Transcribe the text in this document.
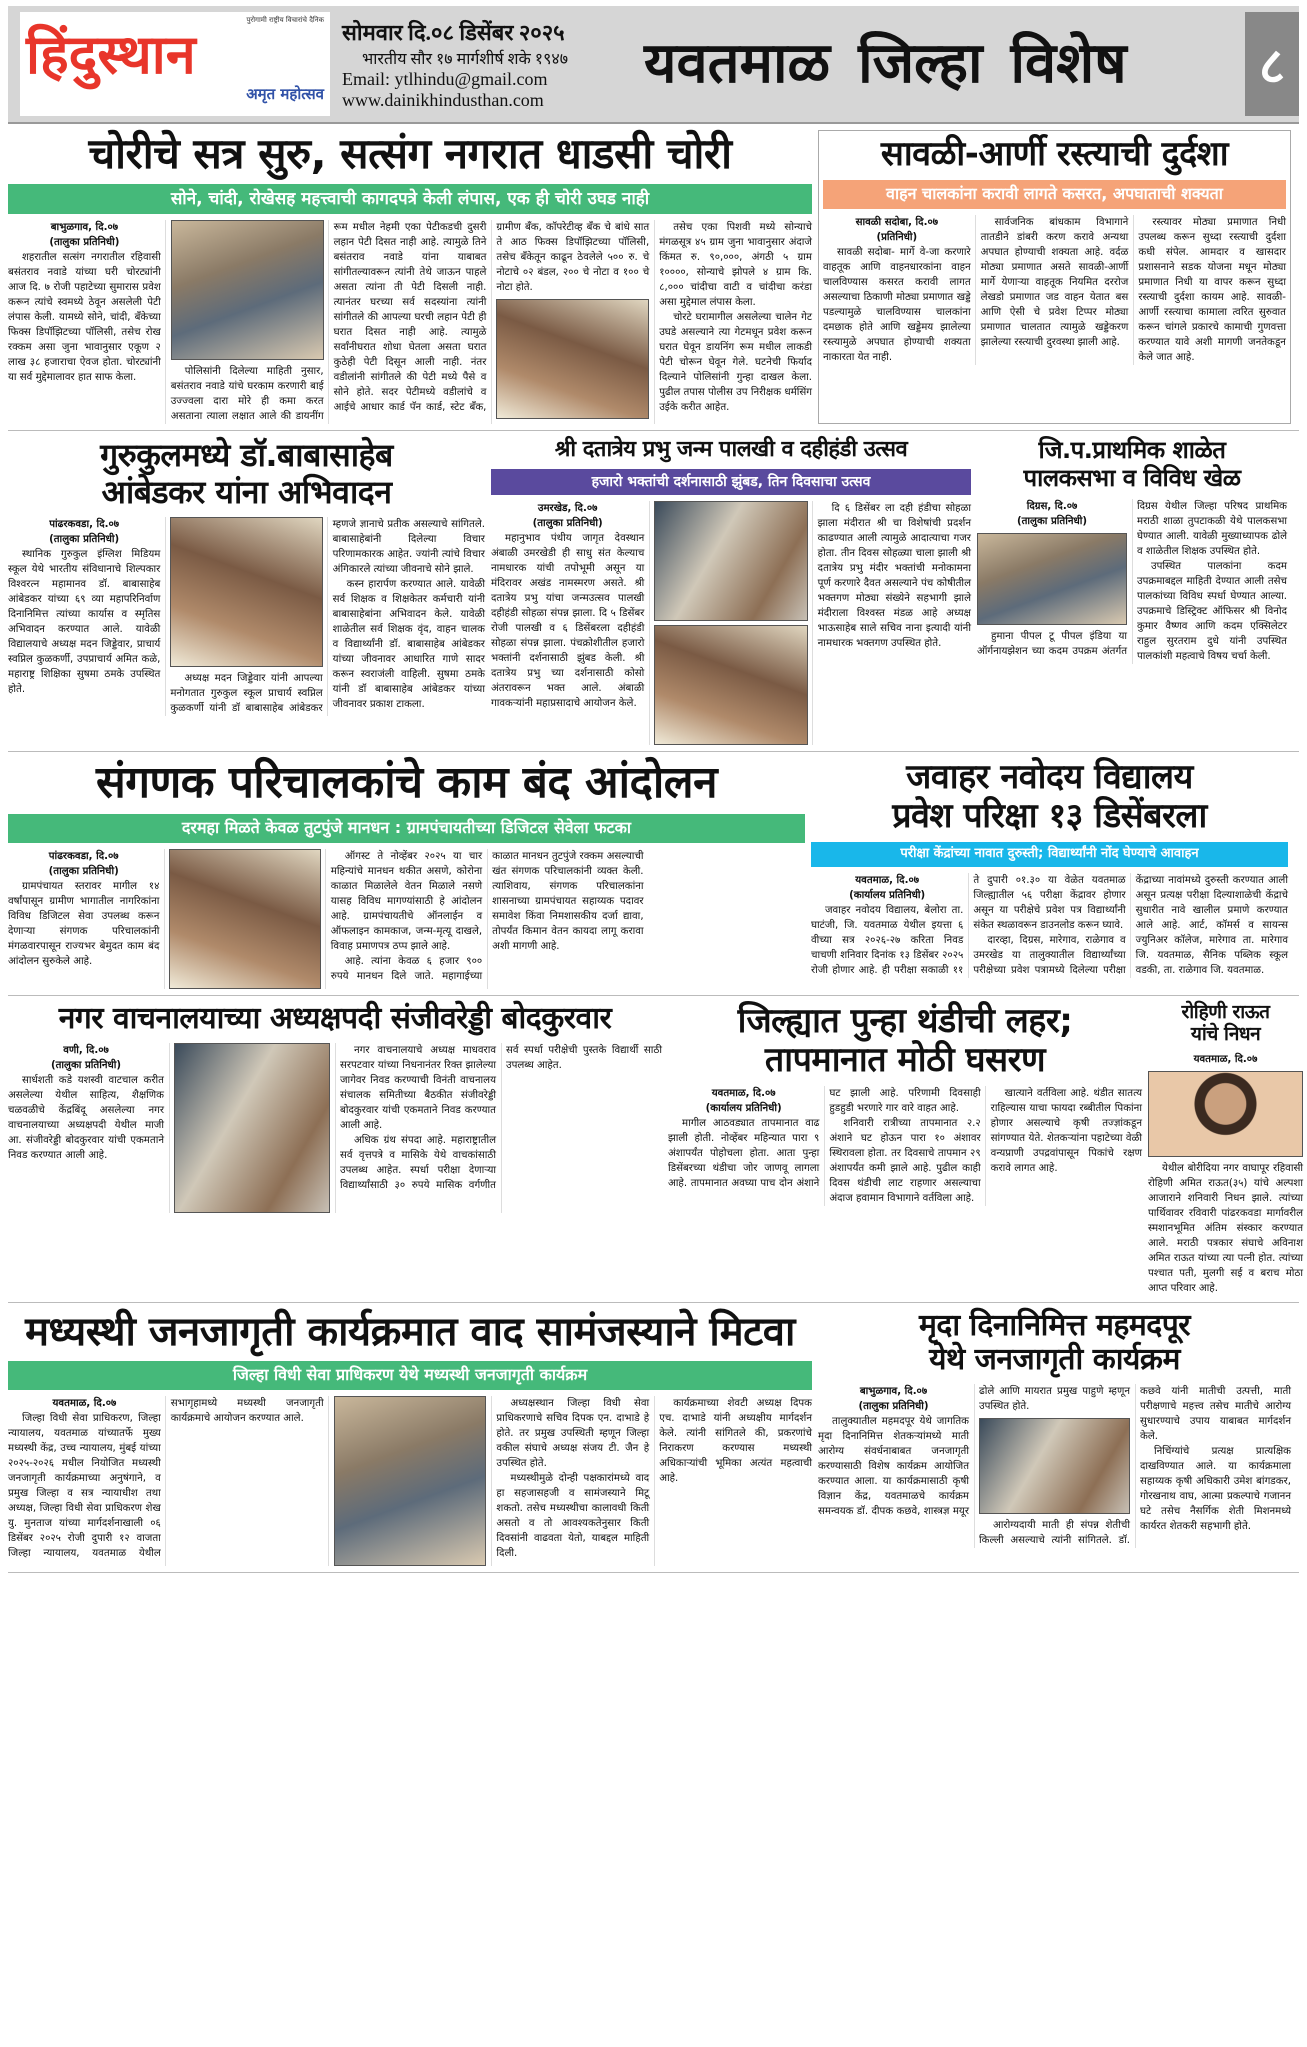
पुरोगामी राष्ट्रीय विचारांचे दैनिक
हिंदुस्थान
अमृत महोत्सव
सोमवार दि.०८ डिसेंबर २०२५
भारतीय सौर १७ मार्गशीर्ष शके १९४७
Email: ytlhindu@gmail.com
www.dainikhindusthan.com
यवतमाळ जिल्हा विशेष	८
चोरीचे सत्र सुरु, सत्संग नगरात धाडसी चोरी
सोने, चांदी, रोखेसह महत्त्वाची कागदपत्रे केली लंपास, एक ही चोरी उघड नाही

बाभुळगाव, दि.०७

(तालुका प्रतिनिधी)

शहरातील सत्संग नगरातील रहिवासी बसंतराव नवाडे यांच्या घरी चोरट्यांनी आज दि. ७ रोजी पहाटेच्या सुमारास प्रवेश करून त्यांचे स्वमध्ये ठेवून असलेली पेटी लंपास केली. यामध्ये सोने, चांदी, बँकेच्या फिक्स डिपॉझिटच्या पॉलिसी, तसेच रोख रक्कम असा जुना भावानुसार एकूण २ लाख ३८ हजाराचा ऐवज होता. चोरट्यांनी या सर्व मुद्देमालावर हात साफ केला.

पोलिसांनी दिलेल्या माहिती नुसार, बसंतराव नवाडे यांचे घरकाम करणारी बाई उज्ज्वला दारा मोरे ही कमा करत असताना त्याला लक्षात आले की डायनींग रूम मधील नेहमी एका पेटीकडची दुसरी लहान पेटी दिसत नाही आहे. त्यामुळे तिने बसंतराव नवाडे यांना याबाबत सांगीतल्यावरून त्यांनी तेथे जाऊन पाहले असता त्यांना ती पेटी दिसली नाही. त्यानंतर घरच्या सर्व सदस्यांना त्यांनी सांगीतले की आपल्या घरची लहान पेटी ही घरात दिसत नाही आहे. त्यामुळे सर्वांनीघरात शोधा घेतला असता घरात कुठेही पेटी दिसून आली नाही. नंतर वडीलांनी सांगीतले की पेटी मध्ये पैसे व सोने होते. सदर पेटीमध्ये वडीलांचे व आईचे आधार कार्ड पॅन कार्ड, स्टेट बँक, ग्रामीण बँक, कॉपरेटीव्ह बँक चे बांधे सात ते आठ फिक्स डिपॉझिटच्या पॉलिसी, तसेच बँकेतून काढून ठेवलेले ५०० रु. चे नोटाचे ०२ बंडल, २०० चे नोटा व १०० चे नोटा होते.

तसेच एका पिशवी मध्ये सोन्याचे मंगळसूत्र ४५ ग्राम जुना भावानुसार अंदाजे किंमत रु. ९०,०००, अंगठी ५ ग्राम १००००, सोन्याचे झोपले ४ ग्राम कि. ८,००० चांदीचा वाटी व चांदीचा करंडा असा मुद्देमाल लंपास केला.

चोरटे घरामागील असलेल्या चालेन गेट उघडे असल्याने त्या गेटमधून प्रवेश करून घरात घेवून डायनिंग रूम मधील लाकडी पेटी चोरून घेवून गेले. घटनेची फिर्याद दिल्याने पोलिसांनी गुन्हा दाखल केला. पुढील तपास पोलीस उप निरीक्षक धर्मसिंग उईके करीत आहेत.

सावळी-आर्णी रस्त्याची दुर्दशा
वाहन चालकांना करावी लागते कसरत, अपघाताची शक्यता

सावळी सदोबा, दि.०७

(प्रतिनिधी)

सावळी सदोबा- मार्गे वे-जा करणारे वाहतूक आणि वाहनधारकांना वाहन चालविण्यास कसरत करावी लागत असल्याचा ठिकाणी मोठ्या प्रमाणात खड्डे पडल्यामुळे चालविण्यास चालकांना दमछाक होते आणि खड्डेमय झालेल्या रस्त्यामुळे अपघात होण्याची शक्यता नाकारता येत नाही.

सार्वजनिक बांधकाम विभागाने तातडीने डांबरी करण करावे अन्यथा अपघात होण्याची शक्यता आहे. वर्दळ मोठ्या प्रमाणात असते सावळी-आर्णी मार्गे येणाऱ्या वाहतूक नियमित दररोज लेखडो प्रमाणात जड वाहन येतात बस आणि ऐसी चे प्रवेश टिप्पर मोठ्या प्रमाणात चालतात त्यामुळे खड्डेकरण झालेल्या रस्त्याची दुरवस्था झाली आहे.

रस्त्यावर मोठ्या प्रमाणात निधी उपलब्ध करून सुध्दा रस्त्याची दुर्दशा कधी संपेल. आमदार व खासदार प्रशासनाने सडक योजना मधून मोठ्या प्रमाणात निधी या वापर करून सुध्दा रस्त्याची दुर्दशा कायम आहे. सावळी-आर्णी रस्त्याचा कामाला त्वरित सुरुवात करून चांगले प्रकारचे कामाची गुणवत्ता करण्यात यावे अशी मागणी जनतेकडून केले जात आहे.

गुरुकुलमध्ये डॉ.बाबासाहेब
आंबेडकर यांना अभिवादन

पांढरकवडा, दि.०७

(तालुका प्रतिनिधी)

स्थानिक गुरुकुल इंग्लिश मिडियम स्कूल येथे भारतीय संविधानाचे शिल्पकार विश्वरत्न महामानव डॉ. बाबासाहेब आंबेडकर यांच्या ६९ व्या महापरिनिर्वाण दिनानिमित्त त्यांच्या कार्यास व स्मृतिस अभिवादन करण्यात आले. यावेळी विद्यालयाचे अध्यक्ष मदन जिड्डेवार, प्राचार्य स्वप्निल कुळकर्णी, उपप्राचार्य अमित कळे, महाराष्ट्र शिक्षिका सुषमा ठमके उपस्थित होते.

अध्यक्ष मदन जिड्डेवार यांनी आपल्या मनोगतात गुरुकुल स्कूल प्राचार्य स्वप्निल कुळकर्णी यांनी डॉ बाबासाहेब आंबेडकर म्हणजे ज्ञानाचे प्रतीक असल्याचे सांगितले. बाबासाहेबांनी दिलेल्या विचार परिणामकारक आहेत. ज्यांनी त्यांचे विचार अंगिकारले त्यांच्या जीवनाचे सोने झाले.

कस्न हारार्पण करण्यात आले. यावेळी सर्व शिक्षक व शिक्षकेतर कर्मचारी यांनी बाबासाहेबांना अभिवादन केले. यावेळी शाळेतील सर्व शिक्षक वृंद, वाहन चालक व विद्यार्थ्यांनी डॉ. बाबासाहेब आंबेडकर यांच्या जीवनावर आधारित गाणे सादर करून स्वराजंली वाहिली. सुषमा ठमके यांनी डॉ बाबासाहेब आंबेडकर यांच्या जीवनावर प्रकाश टाकला.

श्री दतात्रेय प्रभु जन्म पालखी व दहीहंडी उत्सव
हजारो भक्तांची दर्शनासाठी झुंबड, तिन दिवसाचा उत्सव

उमरखेड, दि.०७

(तालुका प्रतिनिधी)

महानुभाव पंथीय जागृत देवस्थान अंबाळी उमरखेडी ही साधु संत केल्याच नामधारक यांची तपोभूमी असून या मंदिरावर अखंड नामस्मरण असते. श्री दतात्रेय प्रभु यांचा जन्मउत्सव पालखी दहीहंडी सोहळा संपन्न झाला. दि ५ डिसेंबर रोजी पालखी व ६ डिसेंबरला दहीहंडी सोहळा संपन्न झाला. पंचक्रोशीतील हजारो भक्तांनी दर्शनासाठी झुंबड केली. श्री दतात्रेय प्रभु च्या दर्शनासाठी कोसो अंतरावरून भक्त आले. अंबाळी गावकऱ्यांनी महाप्रसादाचे आयोजन केले.

दि ६ डिसेंबर ला दही हंडीचा सोहळा झाला मंदीरात श्री चा विशेषांची प्रदर्शन काढण्यात आली त्यामुळे आदात्याचा गजर होता. तीन दिवस सोहळ्या चाला झाली श्री दतात्रेय प्रभु मंदीर भक्तांची मनोकामना पूर्ण करणारे दैवत असल्याने पंच कोषीतील भक्तगण मोठ्या संख्येने सहभागी झाले मंदीराला विश्वस्त मंडळ आहे अध्यक्ष भाऊसाहेब साले सचिव नाना इत्यादी यांनी नामधारक भक्तगण उपस्थित होते.

जि.प.प्राथमिक शाळेत
पालकसभा व विविध खेळ

दिग्रस, दि.०७

(तालुका प्रतिनिधी)

हुमाना पीपल टू पीपल इंडिया या ऑर्गनायझेशन च्या कदम उपक्रम अंतर्गत दिग्रस येथील जिल्हा परिषद प्राथमिक मराठी शाळा तुपटाकळी येथे पालकसभा घेण्यात आली. यावेळी मुख्याध्यापक ढोले व शाळेतील शिक्षक उपस्थित होते.

उपस्थित पालकांना कदम उपक्रमाबद्दल माहिती देण्यात आली तसेच पालकांच्या विविध स्पर्धा घेण्यात आल्या. उपक्रमाचे डिस्ट्रिक्ट ऑफिसर श्री विनोद कुमार वैष्णव आणि कदम एक्सिलेटर राहुल सुरतराम दुधे यांनी उपस्थित पालकांशी महत्वाचे विषय चर्चा केली.

संगणक परिचालकांचे काम बंद आंदोलन
दरमहा मिळते केवळ तुटपुंजे मानधन : ग्रामपंचायतीच्या डिजिटल सेवेला फटका

पांढरकवडा, दि.०७

(तालुका प्रतिनिधी)

ग्रामपंचायत स्तरावर मागील १४ वर्षांपासून ग्रामीण भागातील नागरिकांना विविध डिजिटल सेवा उपलब्ध करून देणाऱ्या संगणक परिचालकांनी मंगळवारपासून राज्यभर बेमुदत काम बंद आंदोलन सुरुकेले आहे.

ऑगस्ट ते नोव्हेंबर २०२५ या चार महिन्यांचे मानधन थकीत असणे, कोरोना काळात मिळालेले वेतन मिळाले नसणे यासह विविध मागण्यांसाठी हे आंदोलन आहे. ग्रामपंचायतीचे ऑनलाईन व ऑफलाइन कामकाज, जन्म-मृत्यू दाखले, विवाह प्रमाणपत्र ठप्प झाले आहे.

आहे. त्यांना केवळ ६ हजार ९०० रुपये मानधन दिले जाते. महागाईच्या काळात मानधन तुटपुंजे रक्कम असल्याची खंत संगणक परिचालकांनी व्यक्त केली. त्याशिवाय, संगणक परिचालकांना शासनाच्या ग्रामपंचायत सहाय्यक पदावर समावेश किंवा निमशासकीय दर्जा द्यावा, तोपर्यंत किमान वेतन कायदा लागू करावा अशी मागणी आहे.

जवाहर नवोदय विद्यालय
प्रवेश परिक्षा १३ डिसेंबरला
परीक्षा केंद्रांच्या नावात दुरुस्ती; विद्यार्थ्यांनी नोंद घेण्याचे आवाहन

यवतमाळ, दि.०७

(कार्यालय प्रतिनिधी)

जवाहर नवोदय विद्यालय, बेलोरा ता. घाटंजी, जि. यवतमाळ येथील इयत्ता ६ वीच्या सत्र २०२६-२७ करिता निवड चाचणी शनिवार दिनांक १३ डिसेंबर २०२५ रोजी होणार आहे. ही परीक्षा सकाळी ११ ते दुपारी ०१.३० या वेळेत यवतमाळ जिल्ह्यातील ५६ परीक्षा केंद्रावर होणार असून या परीक्षेचे प्रवेश पत्र विद्यार्थ्यांनी संकेत स्थळावरून डाउनलोड करून घ्यावे.

दारव्हा, दिग्रस, मारेगाव, राळेगाव व उमरखेड या तालुक्यातील विद्यार्थ्यांच्या परीक्षेच्या प्रवेश पत्रामध्ये दिलेल्या परीक्षा केंद्राच्या नावांमध्ये दुरुस्ती करण्यात आली असून प्रत्यक्ष परीक्षा दिल्याशाळेची केंद्राचे सुधारीत नावे खालील प्रमाणे करण्यात आले आहे. आर्ट, कॉमर्स व सायन्स ज्युनिअर कॉलेज, मारेगाव ता. मारेगाव जि. यवतमाळ, सैनिक पब्लिक स्कूल वडकी, ता. राळेगाव जि. यवतमाळ.

नगर वाचनालयाच्या अध्यक्षपदी संजीवरेड्डी बोदकुरवार

वणी, दि.०७

(तालुका प्रतिनिधी)

सार्धशती कडे यशस्वी वाटचाल करीत असलेल्या येथील साहित्य, शैक्षणिक चळवळीचे केंद्रबिंदू असलेल्या नगर वाचनालयाच्या अध्यक्षपदी येथील माजी आ. संजीवरेड्डी बोदकुरवार यांची एकमताने निवड करण्यात आली आहे.

नगर वाचनालयाचे अध्यक्ष माधवराव सरपटवार यांच्या निधनानंतर रिक्त झालेल्या जागेवर निवड करण्याची विनंती वाचनालय संचालक समितीच्या बैठकीत संजीवरेड्डी बोदकुरवार यांची एकमताने निवड करण्यात आली आहे.

अधिक ग्रंथ संपदा आहे. महाराष्ट्रातील सर्व वृत्तपत्रे व मासिके येथे वाचकांसाठी उपलब्ध आहेत. स्पर्धा परीक्षा देणाऱ्या विद्यार्थ्यांसाठी ३० रुपये मासिक वर्गणीत सर्व स्पर्धा परीक्षेची पुस्तके विद्यार्थी साठी उपलब्ध आहेत.

जिल्ह्यात पुन्हा थंडीची लहर;
तापमानात मोठी घसरण

यवतमाळ, दि.०७

(कार्यालय प्रतिनिधी)

मागील आठवड्यात तापमानात वाढ झाली होती. नोव्हेंबर महिन्यात पारा ९ अंशापर्यंत पोहोचला होता. आता पुन्हा डिसेंबरच्या थंडीचा जोर जाणवू लागला आहे. तापमानात अवघ्या पाच दोन अंशाने घट झाली आहे. परिणामी दिवसाही हुडहुडी भरणारे गार वारे वाहत आहे.

शनिवारी रात्रीच्या तापमानात २.२ अंशाने घट होऊन पारा १० अंशावर स्थिरावला होता. तर दिवसाचे तापमान २९ अंशापर्यंत कमी झाले आहे. पुढील काही दिवस थंडीची लाट राहणार असल्याचा अंदाज हवामान विभागाने वर्तविला आहे.

खात्याने वर्तविला आहे. थंडीत सातत्य राहिल्यास याचा फायदा रब्बीतील पिकांना होणार असल्याचे कृषी तज्ज्ञांकडून सांगण्यात येते. शेतकऱ्यांना पहाटेच्या वेळी वन्यप्राणी उपद्रवांपासून पिकांचे रक्षण करावे लागत आहे.

रोहिणी राऊत
यांचे निधन

यवतमाळ, दि.०७

येथील बोरीदिया नगर वाघापूर रहिवासी रोहिणी अमित राऊत(३५) यांचे अल्पशा आजाराने शनिवारी निधन झाले. त्यांच्या पार्थिवावर रविवारी पांढरकवडा मार्गावरील स्मशानभूमित अंतिम संस्कार करण्यात आले. मराठी पत्रकार संघाचे अविनाश अमित राऊत यांच्या त्या पत्नी होत. त्यांच्या पश्चात पती, मुलगी सई व बराच मोठा आप्त परिवार आहे.

मध्यस्थी जनजागृती कार्यक्रमात वाद सामंजस्याने मिटवा
जिल्हा विधी सेवा प्राधिकरण येथे मध्यस्थी जनजागृती कार्यक्रम

यवतमाळ, दि.०७

जिल्हा विधी सेवा प्राधिकरण, जिल्हा न्यायालय, यवतमाळ यांच्यातर्फे मुख्य मध्यस्थी केंद्र, उच्च न्यायालय, मुंबई यांच्या २०२५-२०२६ मधील नियोजित मध्यस्थी जनजागृती कार्यक्रमाच्या अनुषंगाने, व प्रमुख जिल्हा व सत्र न्यायाधीश तथा अध्यक्ष, जिल्हा विधी सेवा प्राधिकरण शेख यु. मुनताज यांच्या मार्गदर्शनाखाली ०६ डिसेंबर २०२५ रोजी दुपारी १२ वाजता जिल्हा न्यायालय, यवतमाळ येथील सभागृहामध्ये मध्यस्थी जनजागृती कार्यक्रमाचे आयोजन करण्यात आले.

अध्यक्षस्थान जिल्हा विधी सेवा प्राधिकरणाचे सचिव दिपक एन. दाभाडे हे होते. तर प्रमुख उपस्थिती म्हणून जिल्हा वकील संघाचे अध्यक्ष संजय टी. जैन हे उपस्थित होते.

मध्यस्थीमुळे दोन्ही पक्षकारांमध्ये वाद हा सहजासहजी व सामंजस्याने मिटू शकतो. तसेच मध्यस्थीचा कालावधी किती असतो व तो आवश्यकतेनुसार किती दिवसांनी वाढवता येतो, याबद्दल माहिती दिली.

कार्यक्रमाच्या शेवटी अध्यक्ष दिपक एच. दाभाडे यांनी अध्यक्षीय मार्गदर्शन केले. त्यांनी सांगितले की, प्रकरणांचे निराकरण करण्यास मध्यस्थी अधिकाऱ्यांची भूमिका अत्यंत महत्वाची आहे.

मृदा दिनानिमित्त महमदपूर
येथे जनजागृती कार्यक्रम

बाभुळगाव, दि.०७

(तालुका प्रतिनिधी)

तालुक्यातील महमदपूर येथे जागतिक मृदा दिनानिमित्त शेतकऱ्यांमध्ये माती आरोग्य संवर्धनाबाबत जनजागृती करण्यासाठी विशेष कार्यक्रम आयोजित करण्यात आला. या कार्यक्रमासाठी कृषी विज्ञान केंद्र, यवतमाळचे कार्यक्रम समन्वयक डॉ. दीपक कछवे, शास्त्रज्ञ मयूर ढोले आणि मायरात प्रमुख पाहुणे म्हणून उपस्थित होते.

आरोग्यदायी माती ही संपन्न शेतीची किल्ली असल्याचे त्यांनी सांगितले. डॉ. कछवे यांनी मातीची उत्पत्ती, माती परीक्षणाचे महत्त्व तसेच मातीचे आरोग्य सुधारण्याचे उपाय याबाबत मार्गदर्शन केले.

निचिंग्यांचे प्रत्यक्ष प्रात्यक्षिक दाखविण्यात आले. या कार्यक्रमाला सहाय्यक कृषी अधिकारी उमेश बांगडकर, गोरखनाथ वाघ, आत्मा प्रकल्पाचे गजानन घटे तसेच नैसर्गिक शेती मिशनमध्ये कार्यरत शेतकरी सहभागी होते.
